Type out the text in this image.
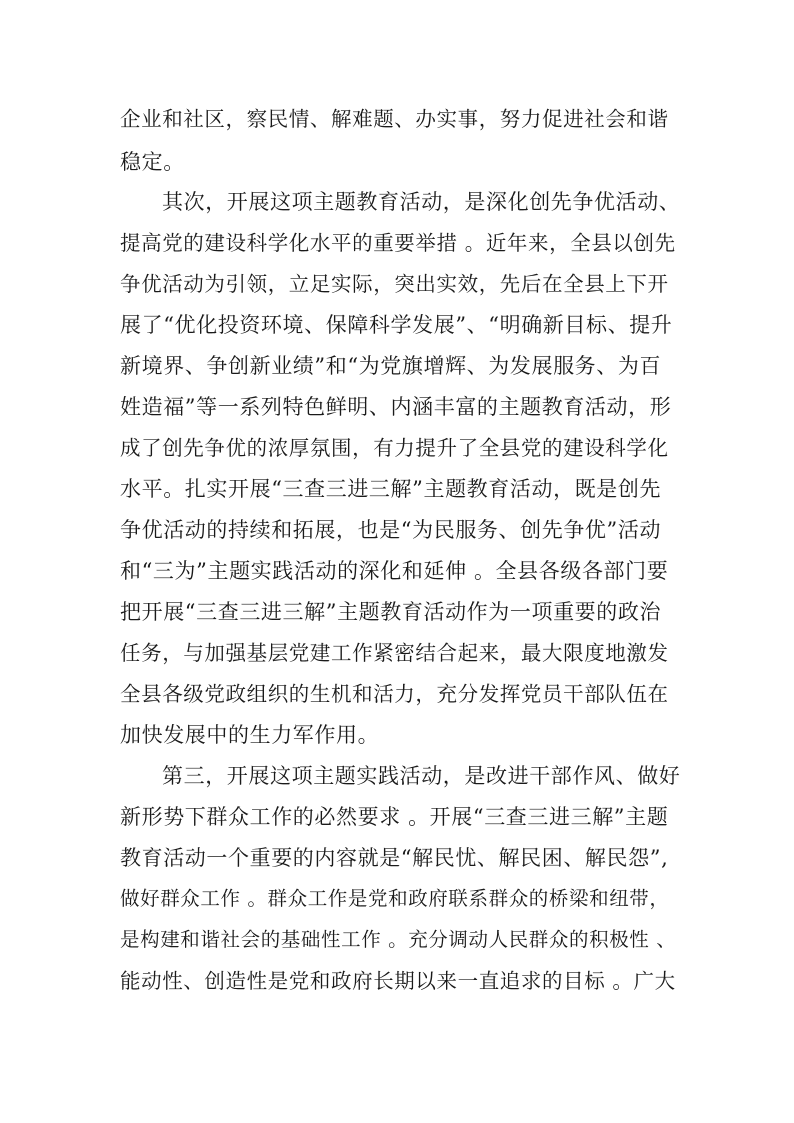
企业和社区，察民情、解难题、办实事，努力促进社会和谐
稳定。
其次，开展这项主题教育活动，是深化创先争优活动、
提高党的建设科学化水平的重要举措 。近年来，全县以创先
争优活动为引领，立足实际，突出实效，先后在全县上下开
展了“优化投资环境、保障科学发展”、“明确新目标、提升
新境界、争创新业绩”和“为党旗增辉、为发展服务、为百
姓造福”等一系列特色鲜明、内涵丰富的主题教育活动，形
成了创先争优的浓厚氛围，有力提升了全县党的建设科学化
水平。扎实开展“三查三进三解”主题教育活动，既是创先
争优活动的持续和拓展，也是“为民服务、创先争优”活动
和“三为”主题实践活动的深化和延伸 。全县各级各部门要
把开展“三查三进三解”主题教育活动作为一项重要的政治
任务，与加强基层党建工作紧密结合起来，最大限度地激发
全县各级党政组织的生机和活力，充分发挥党员干部队伍在
加快发展中的生力军作用。
第三，开展这项主题实践活动，是改进干部作风、做好
新形势下群众工作的必然要求 。开展“三查三进三解”主题
教育活动一个重要的内容就是“解民忧、解民困、解民怨”,
做好群众工作 。群众工作是党和政府联系群众的桥梁和纽带，
是构建和谐社会的基础性工作 。充分调动人民群众的积极性 、
能动性、创造性是党和政府长期以来一直追求的目标 。广大
